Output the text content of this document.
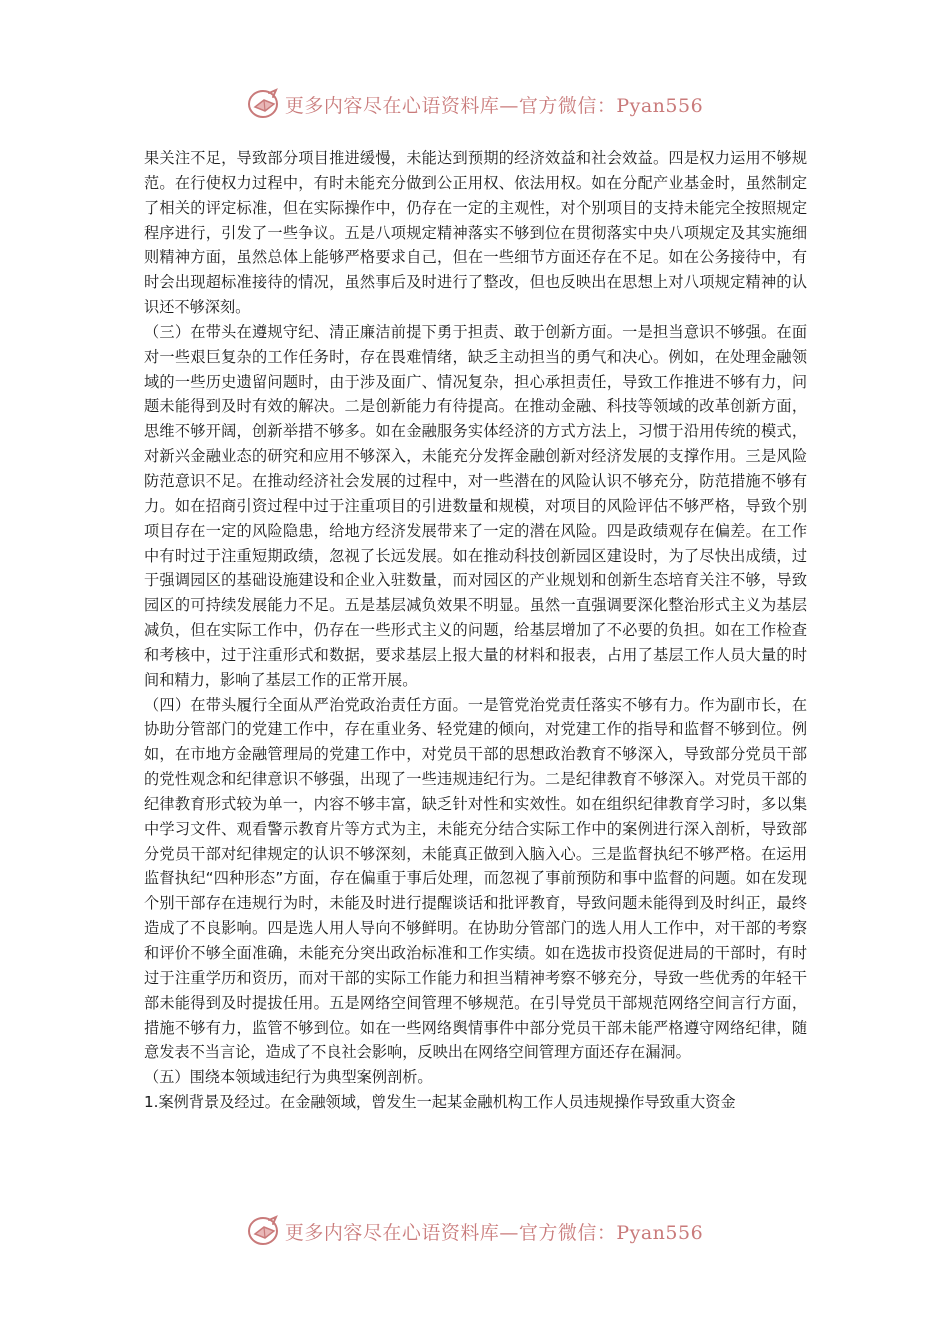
更多内容尽在心语资料库—官方微信：Pyan556

果关注不足，导致部分项目推进缓慢，未能达到预期的经济效益和社会效益。四是权力运用不够规范。在行使权力过程中，有时未能充分做到公正用权、依法用权。如在分配产业基金时，虽然制定了相关的评定标准，但在实际操作中，仍存在一定的主观性，对个别项目的支持未能完全按照规定程序进行，引发了一些争议。五是八项规定精神落实不够到位在贯彻落实中央八项规定及其实施细则精神方面，虽然总体上能够严格要求自己，但在一些细节方面还存在不足。如在公务接待中，有时会出现超标准接待的情况，虽然事后及时进行了整改，但也反映出在思想上对八项规定精神的认识还不够深刻。

（三）在带头在遵规守纪、清正廉洁前提下勇于担责、敢于创新方面。一是担当意识不够强。在面对一些艰巨复杂的工作任务时，存在畏难情绪，缺乏主动担当的勇气和决心。例如，在处理金融领域的一些历史遗留问题时，由于涉及面广、情况复杂，担心承担责任，导致工作推进不够有力，问题未能得到及时有效的解决。二是创新能力有待提高。在推动金融、科技等领域的改革创新方面，思维不够开阔，创新举措不够多。如在金融服务实体经济的方式方法上，习惯于沿用传统的模式，对新兴金融业态的研究和应用不够深入，未能充分发挥金融创新对经济发展的支撑作用。三是风险防范意识不足。在推动经济社会发展的过程中，对一些潜在的风险认识不够充分，防范措施不够有力。如在招商引资过程中过于注重项目的引进数量和规模，对项目的风险评估不够严格，导致个别项目存在一定的风险隐患，给地方经济发展带来了一定的潜在风险。四是政绩观存在偏差。在工作中有时过于注重短期政绩，忽视了长远发展。如在推动科技创新园区建设时，为了尽快出成绩，过于强调园区的基础设施建设和企业入驻数量，而对园区的产业规划和创新生态培育关注不够，导致园区的可持续发展能力不足。五是基层减负效果不明显。虽然一直强调要深化整治形式主义为基层减负，但在实际工作中，仍存在一些形式主义的问题，给基层增加了不必要的负担。如在工作检查和考核中，过于注重形式和数据，要求基层上报大量的材料和报表，占用了基层工作人员大量的时间和精力，影响了基层工作的正常开展。

（四）在带头履行全面从严治党政治责任方面。一是管党治党责任落实不够有力。作为副市长，在协助分管部门的党建工作中，存在重业务、轻党建的倾向，对党建工作的指导和监督不够到位。例如，在市地方金融管理局的党建工作中，对党员干部的思想政治教育不够深入，导致部分党员干部的党性观念和纪律意识不够强，出现了一些违规违纪行为。二是纪律教育不够深入。对党员干部的纪律教育形式较为单一，内容不够丰富，缺乏针对性和实效性。如在组织纪律教育学习时，多以集中学习文件、观看警示教育片等方式为主，未能充分结合实际工作中的案例进行深入剖析，导致部分党员干部对纪律规定的认识不够深刻，未能真正做到入脑入心。三是监督执纪不够严格。在运用监督执纪“四种形态”方面，存在偏重于事后处理，而忽视了事前预防和事中监督的问题。如在发现个别干部存在违规行为时，未能及时进行提醒谈话和批评教育，导致问题未能得到及时纠正，最终造成了不良影响。四是选人用人导向不够鲜明。在协助分管部门的选人用人工作中，对干部的考察和评价不够全面准确，未能充分突出政治标准和工作实绩。如在选拔市投资促进局的干部时，有时过于注重学历和资历，而对干部的实际工作能力和担当精神考察不够充分，导致一些优秀的年轻干部未能得到及时提拔任用。五是网络空间管理不够规范。在引导党员干部规范网络空间言行方面，措施不够有力，监管不够到位。如在一些网络舆情事件中部分党员干部未能严格遵守网络纪律，随意发表不当言论，造成了不良社会影响，反映出在网络空间管理方面还存在漏洞。

（五）围绕本领域违纪行为典型案例剖析。

1.案例背景及经过。在金融领域，曾发生一起某金融机构工作人员违规操作导致重大资金

更多内容尽在心语资料库—官方微信：Pyan556
